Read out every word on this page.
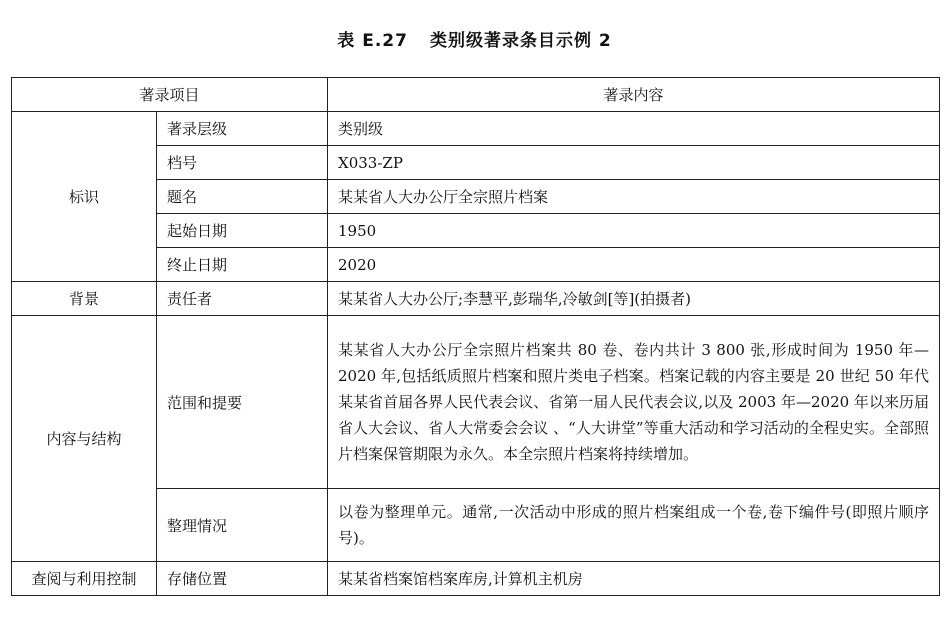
表 E.27 类别级著录条目示例 2
著录项目		著录内容
标识	著录层级	类别级
	档号	X033-ZP
	题名	某某省人大办公厅全宗照片档案
	起始日期	1950
	终止日期	2020
背景	责任者	某某省人大办公厅;李慧平,彭瑞华,冷敏剑[等](拍摄者)
内容与结构	范围和提要	某某省人大办公厅全宗照片档案共 80 卷、卷内共计 3 800 张,形成时间为 1950 年—2020 年,包括纸质照片档案和照片类电子档案。档案记载的内容主要是 20 世纪 50 年代某某省首届各界人民代表会议、省第一届人民代表会议,以及 2003 年—2020 年以来历届省人大会议、省人大常委会会议 、“人大讲堂”等重大活动和学习活动的全程史实。全部照片档案保管期限为永久。本全宗照片档案将持续增加。
	整理情况	以卷为整理单元。通常,一次活动中形成的照片档案组成一个卷,卷下编件号(即照片顺序号)。
查阅与利用控制	存储位置	某某省档案馆档案库房,计算机主机房
